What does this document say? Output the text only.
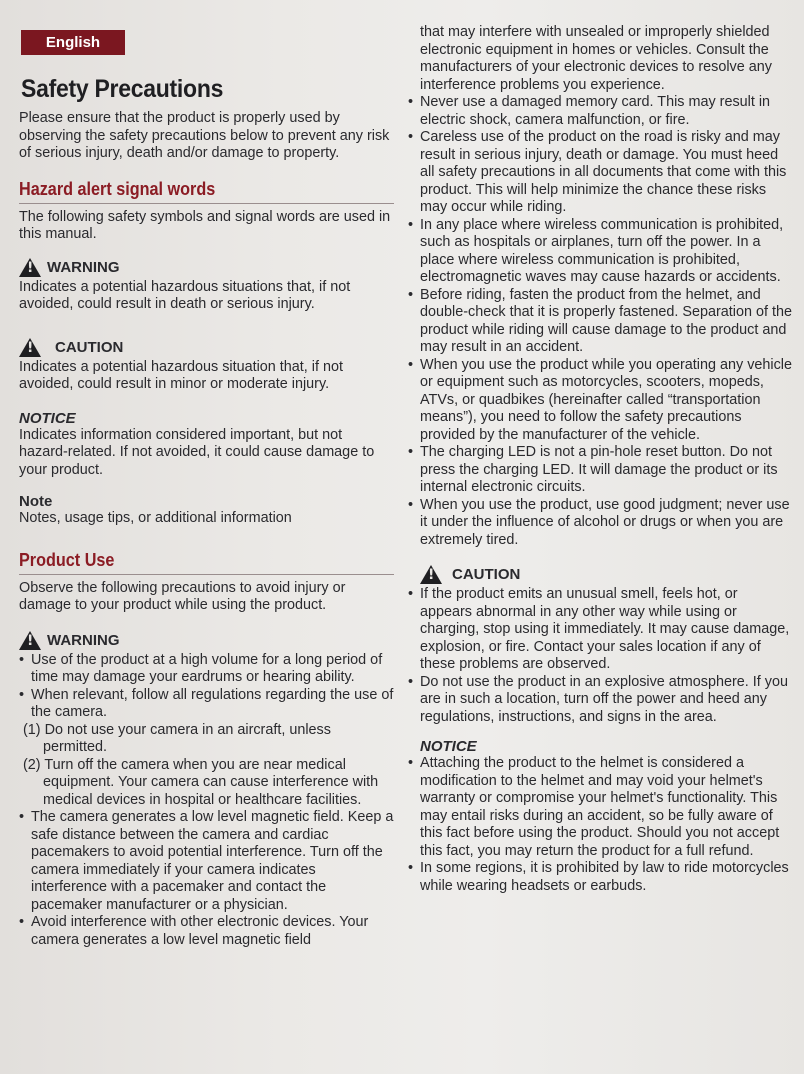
English
Safety Precautions

Please ensure that the product is properly used by observing the safety precautions below to prevent any risk of serious injury, death and/or damage to property.

Hazard alert signal words

The following safety symbols and signal words are used in this manual.

!
WARNING

Indicates a potential hazardous situations that, if not avoided, could result in death or serious injury.

!
CAUTION

Indicates a potential hazardous situation that, if not avoided, could result in minor or moderate injury.

NOTICE

Indicates information considered important, but not hazard-related. If not avoided, it could cause damage to your product.

Note

Notes, usage tips, or additional information

Product Use

Observe the following precautions to avoid injury or damage to your product while using the product.

!
WARNING
• Use of the product at a high volume for a long period of time may damage your eardrums or hearing ability.
• When relevant, follow all regulations regarding the use of the camera.
(1) Do not use your camera in an aircraft, unless permitted.
(2) Turn off the camera when you are near medical equipment. Your camera can cause interference with medical devices in hospital or healthcare facilities.
• The camera generates a low level magnetic field. Keep a safe distance between the camera and cardiac pacemakers to avoid potential interference. Turn off the camera immediately if your camera indicates interference with a pacemaker and contact the pacemaker manufacturer or a physician.
• Avoid interference with other electronic devices. Your camera generates a low level magnetic field
that may interfere with unsealed or improperly shielded electronic equipment in homes or vehicles. Consult the manufacturers of your electronic devices to resolve any interference problems you experience.
• Never use a damaged memory card. This may result in electric shock, camera malfunction, or fire.
• Careless use of the product on the road is risky and may result in serious injury, death or damage. You must heed all safety precautions in all documents that come with this product. This will help minimize the chance these risks may occur while riding.
• In any place where wireless communication is prohibited, such as hospitals or airplanes, turn off the power. In a place where wireless communication is prohibited, electromagnetic waves may cause hazards or accidents.
• Before riding, fasten the product from the helmet, and double-check that it is properly fastened. Separation of the product while riding will cause damage to the product and may result in an accident.
• When you use the product while you operating any vehicle or equipment such as motorcycles, scooters, mopeds, ATVs, or quadbikes (hereinafter called “transportation means”), you need to follow the safety precautions provided by the manufacturer of the vehicle.
• The charging LED is not a pin-hole reset button. Do not press the charging LED. It will damage the product or its internal electronic circuits.
• When you use the product, use good judgment; never use it under the influence of alcohol or drugs or when you are extremely tired.
!
CAUTION
• If the product emits an unusual smell, feels hot, or appears abnormal in any other way while using or charging, stop using it immediately. It may cause damage, explosion, or fire. Contact your sales location if any of these problems are observed.
• Do not use the product in an explosive atmosphere. If you are in such a location, turn off the power and heed any regulations, instructions, and signs in the area.
NOTICE
• Attaching the product to the helmet is considered a modification to the helmet and may void your helmet's warranty or compromise your helmet's functionality. This may entail risks during an accident, so be fully aware of this fact before using the product. Should you not accept this fact, you may return the product for a full refund.
• In some regions, it is prohibited by law to ride motorcycles while wearing headsets or earbuds.
